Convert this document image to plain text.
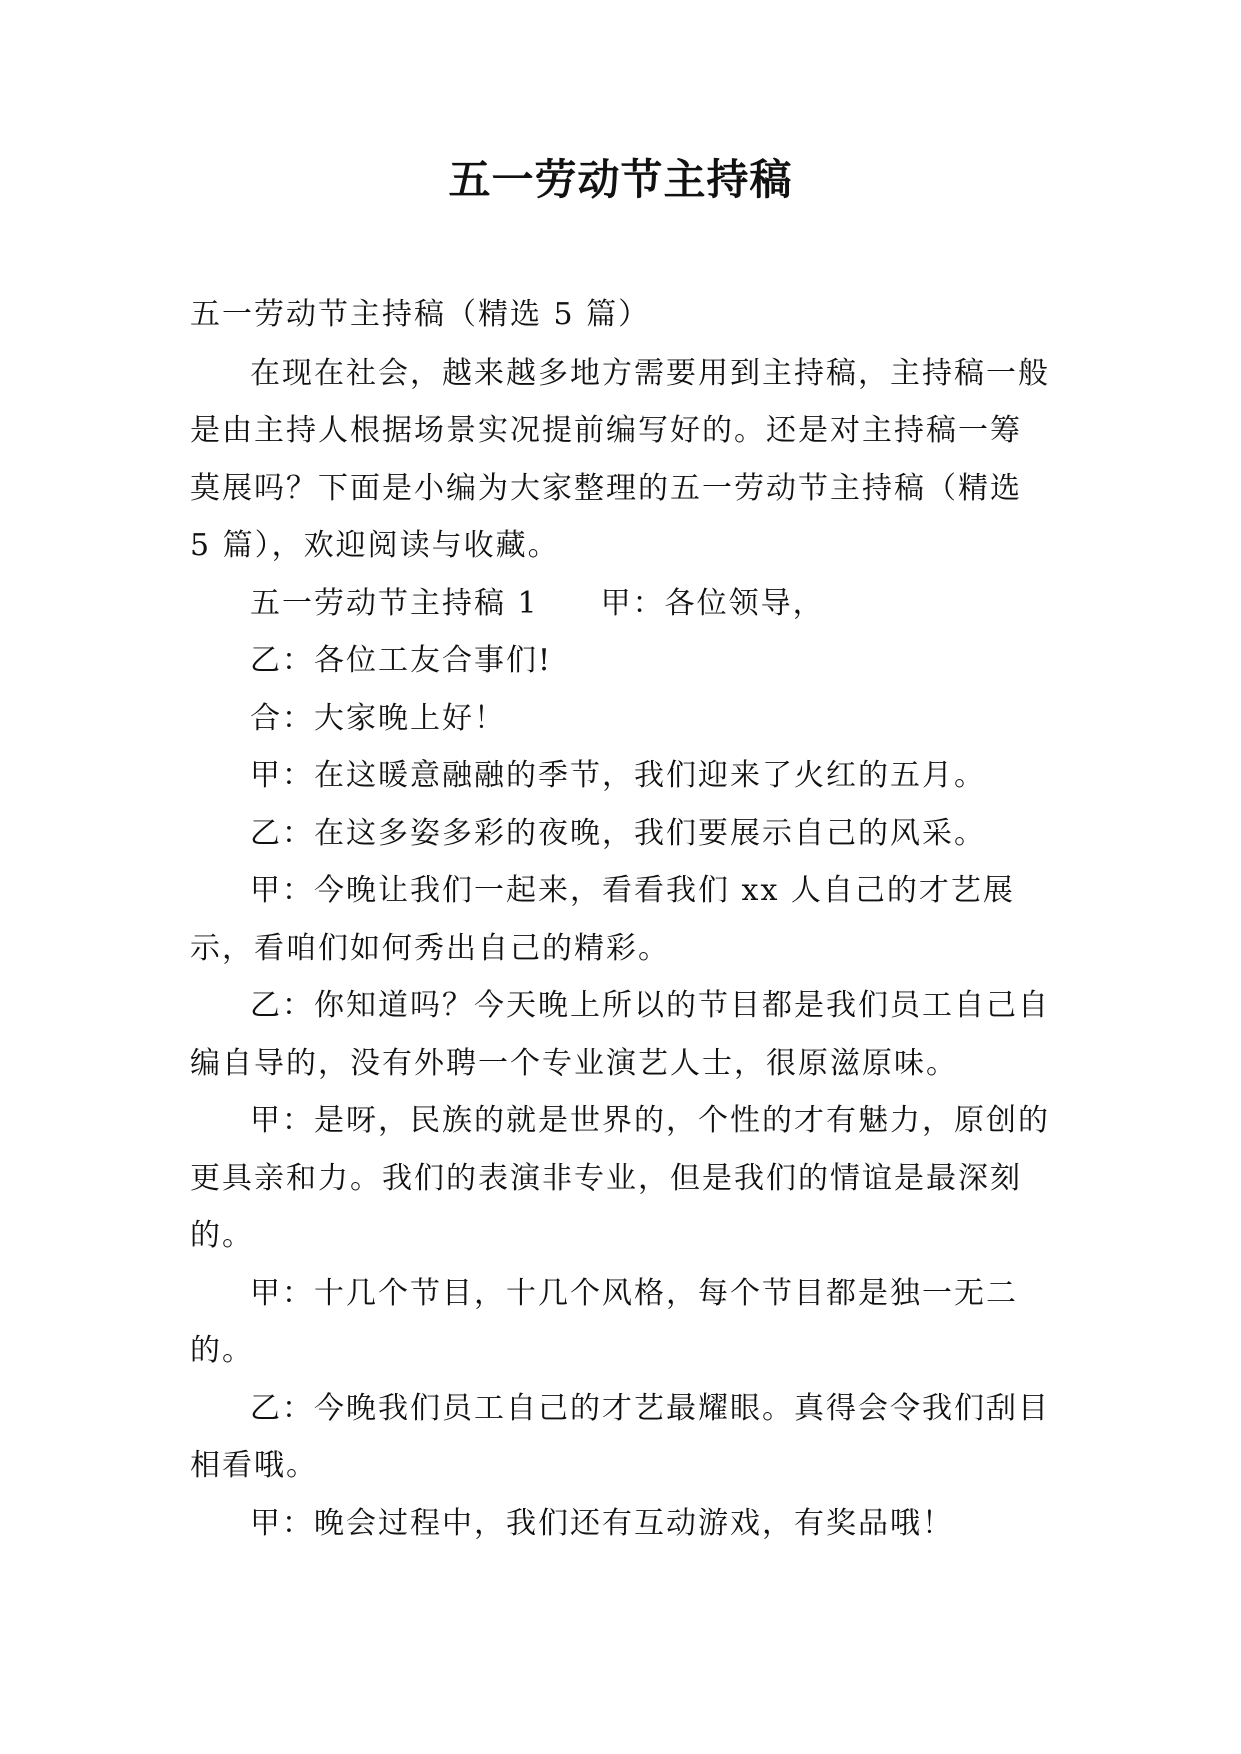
五一劳动节主持稿

五一劳动节主持稿（精选 5 篇）

在现在社会，越来越多地方需要用到主持稿，主持稿一般是由主持人根据场景实况提前编写好的。还是对主持稿一筹莫展吗？下面是小编为大家整理的五一劳动节主持稿（精选 5 篇），欢迎阅读与收藏。

五一劳动节主持稿 1 甲：各位领导，

乙：各位工友合事们!

合：大家晚上好！

甲：在这暖意融融的季节，我们迎来了火红的五月。

乙：在这多姿多彩的夜晚，我们要展示自己的风采。

甲：今晚让我们一起来，看看我们 xx 人自己的才艺展示，看咱们如何秀出自己的精彩。

乙：你知道吗？今天晚上所以的节目都是我们员工自己自编自导的，没有外聘一个专业演艺人士，很原滋原味。

甲：是呀，民族的就是世界的，个性的才有魅力，原创的更具亲和力。我们的表演非专业，但是我们的情谊是最深刻的。

甲：十几个节目，十几个风格，每个节目都是独一无二的。

乙：今晚我们员工自己的才艺最耀眼。真得会令我们刮目相看哦。

甲：晚会过程中，我们还有互动游戏，有奖品哦！
